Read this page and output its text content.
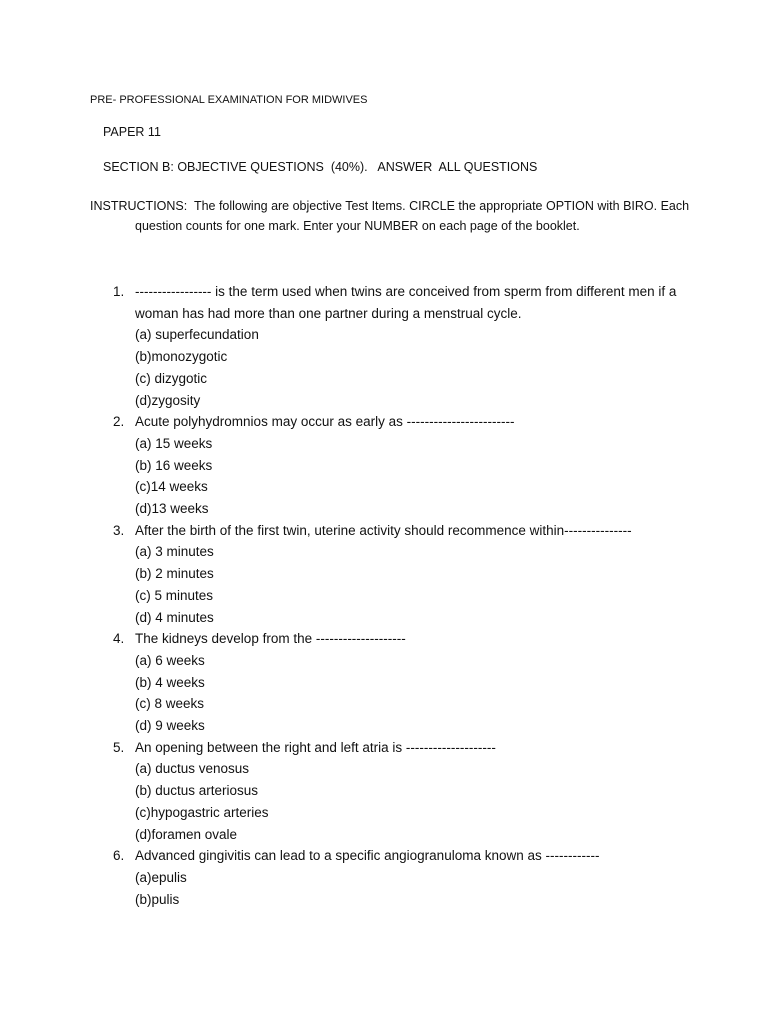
PRE- PROFESSIONAL EXAMINATION FOR MIDWIVES
PAPER 11
SECTION B: OBJECTIVE QUESTIONS  (40%).   ANSWER  ALL QUESTIONS
INSTRUCTIONS:  The following are objective Test Items. CIRCLE the appropriate OPTION with BIRO. Each
question counts for one mark. Enter your NUMBER on each page of the booklet.
1. ----------------- is the term used when twins are conceived from sperm from different men if a woman has had more than one partner during a menstrual cycle.
(a) superfecundation
(b)monozygotic
(c) dizygotic
(d)zygosity
2. Acute polyhydromnios may occur as early as ------------------------
(a) 15 weeks
(b) 16 weeks
(c)14 weeks
(d)13 weeks
3. After the birth of the first twin, uterine activity should recommence within---------------
(a) 3 minutes
(b) 2 minutes
(c) 5 minutes
(d) 4 minutes
4. The kidneys develop from the --------------------
(a) 6 weeks
(b) 4 weeks
(c) 8 weeks
(d) 9 weeks
5. An opening between the right and left atria is --------------------
(a) ductus venosus
(b) ductus arteriosus
(c)hypogastric arteries
(d)foramen ovale
6. Advanced gingivitis can lead to a specific angiogranuloma known as ------------
(a)epulis
(b)pulis
